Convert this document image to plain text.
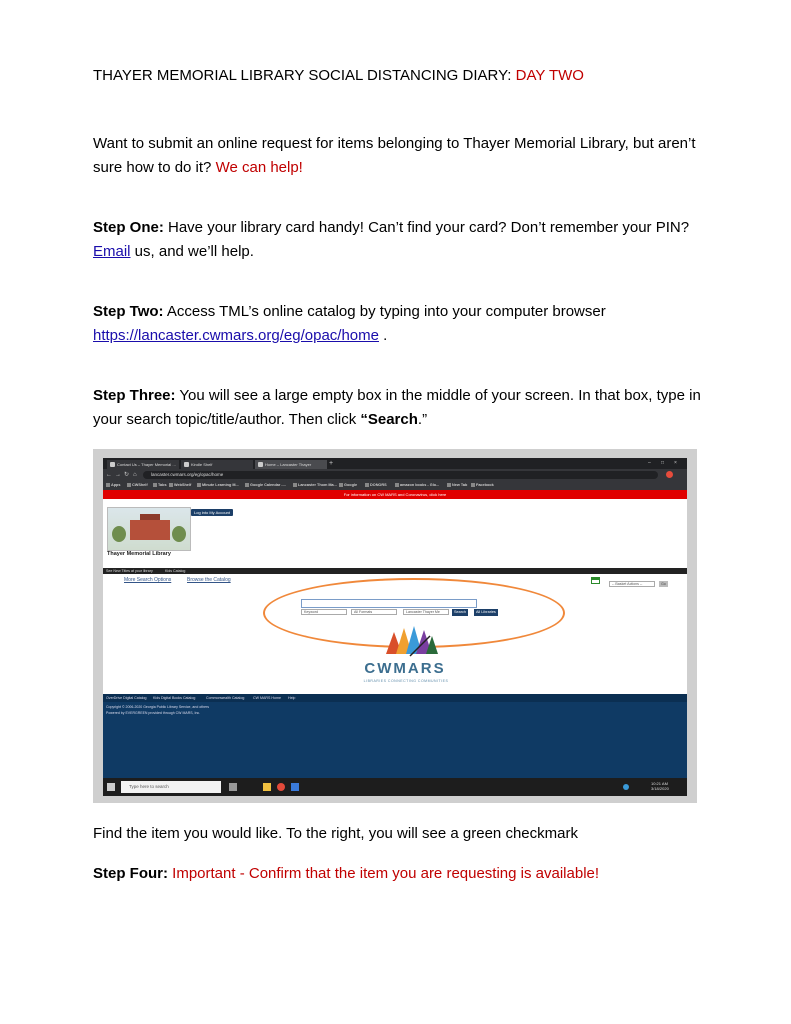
THAYER MEMORIAL LIBRARY SOCIAL DISTANCING DIARY: DAY TWO

Want to submit an online request for items belonging to Thayer Memorial Library, but aren’t sure how to do it? We can help!

Step One: Have your library card handy! Can’t find your card? Don’t remember your PIN? Email us, and we’ll help.

Step Two: Access TML’s online catalog by typing into your computer browser https://lancaster.cwmars.org/eg/opac/home .

Step Three: You will see a large empty box in the middle of your screen. In that box, type in your search topic/title/author. Then click “Search.”

Contact Us – Thayer Memorial …	Kindle Shelf	Home – Lancaster Thayer	+	– □ ×
← → ↻ ⌂	lancaster.cwmars.org/eg/opac/home
Apps	CWShelf	Tabs	WebShelf	Minute Learning M...	Google Calendar -...	Lancaster Thom Ma...	Google	DONORS	amazon books - Glo...	New Tab	Facebook
For information on CW MARS and Coronavirus, click here
Thayer Memorial Library
Log into My Account
See New Titles at your library	Kids Catalog
More Search Options	Browse the Catalog
-- Basket Actions --	Go
Keyword	All Formats	Lancaster Thayer Me	Search	All Libraries
CWMARS
LIBRARIES CONNECTING COMMUNITIES
OverDrive Digital Catalog Kids Digital Books Catalog	Commonwealth Catalog CW MARS Home Help
Copyright © 2006-2020 Georgia Public Library Service, and others
Powered by EVERGREEN provided through CW MARS, Inc.
Type here to search
10:21 AM
3/18/2020

Find the item you would like. To the right, you will see a green checkmark

Step Four: Important - Confirm that the item you are requesting is available!
